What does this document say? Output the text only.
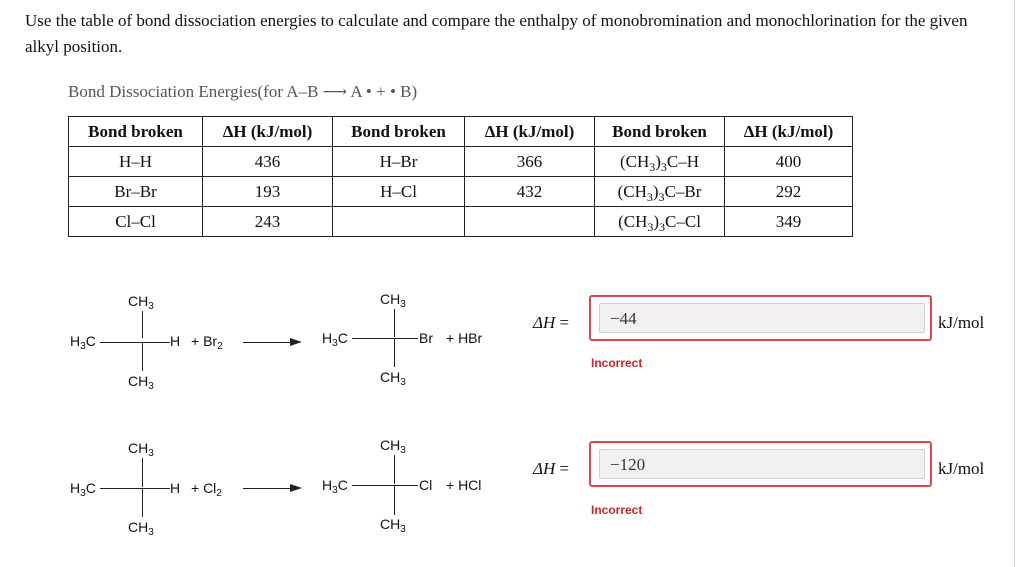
Use the table of bond dissociation energies to calculate and compare the enthalpy of monobromination and monochlorination for the given alkyl position.
Bond Dissociation Energies(for A–B ⟶ A • + • B)
Bond broken	ΔH (kJ/mol)	Bond broken	ΔH (kJ/mol)	Bond broken	ΔH (kJ/mol)
H–H	436	H–Br	366	$(CH_3)_3C-H$	400
Br–Br	193	H–Cl	432	$(CH_3)_3C-Br$	292
Cl–Cl	243			$(CH_3)_3C-Cl$	349
$CH_3$
$H_3C$	H
$CH_3$
+ $Br_2$
$CH_3$
$H_3C$	Br
$CH_3$
+ HBr
$CH_3$
$H_3C$	H
$CH_3$
+ $Cl_2$
$CH_3$
$H_3C$	Cl
$CH_3$
+ HCl
ΔH =	−44
Incorrect
kJ/mol
ΔH =	−120
Incorrect
kJ/mol
